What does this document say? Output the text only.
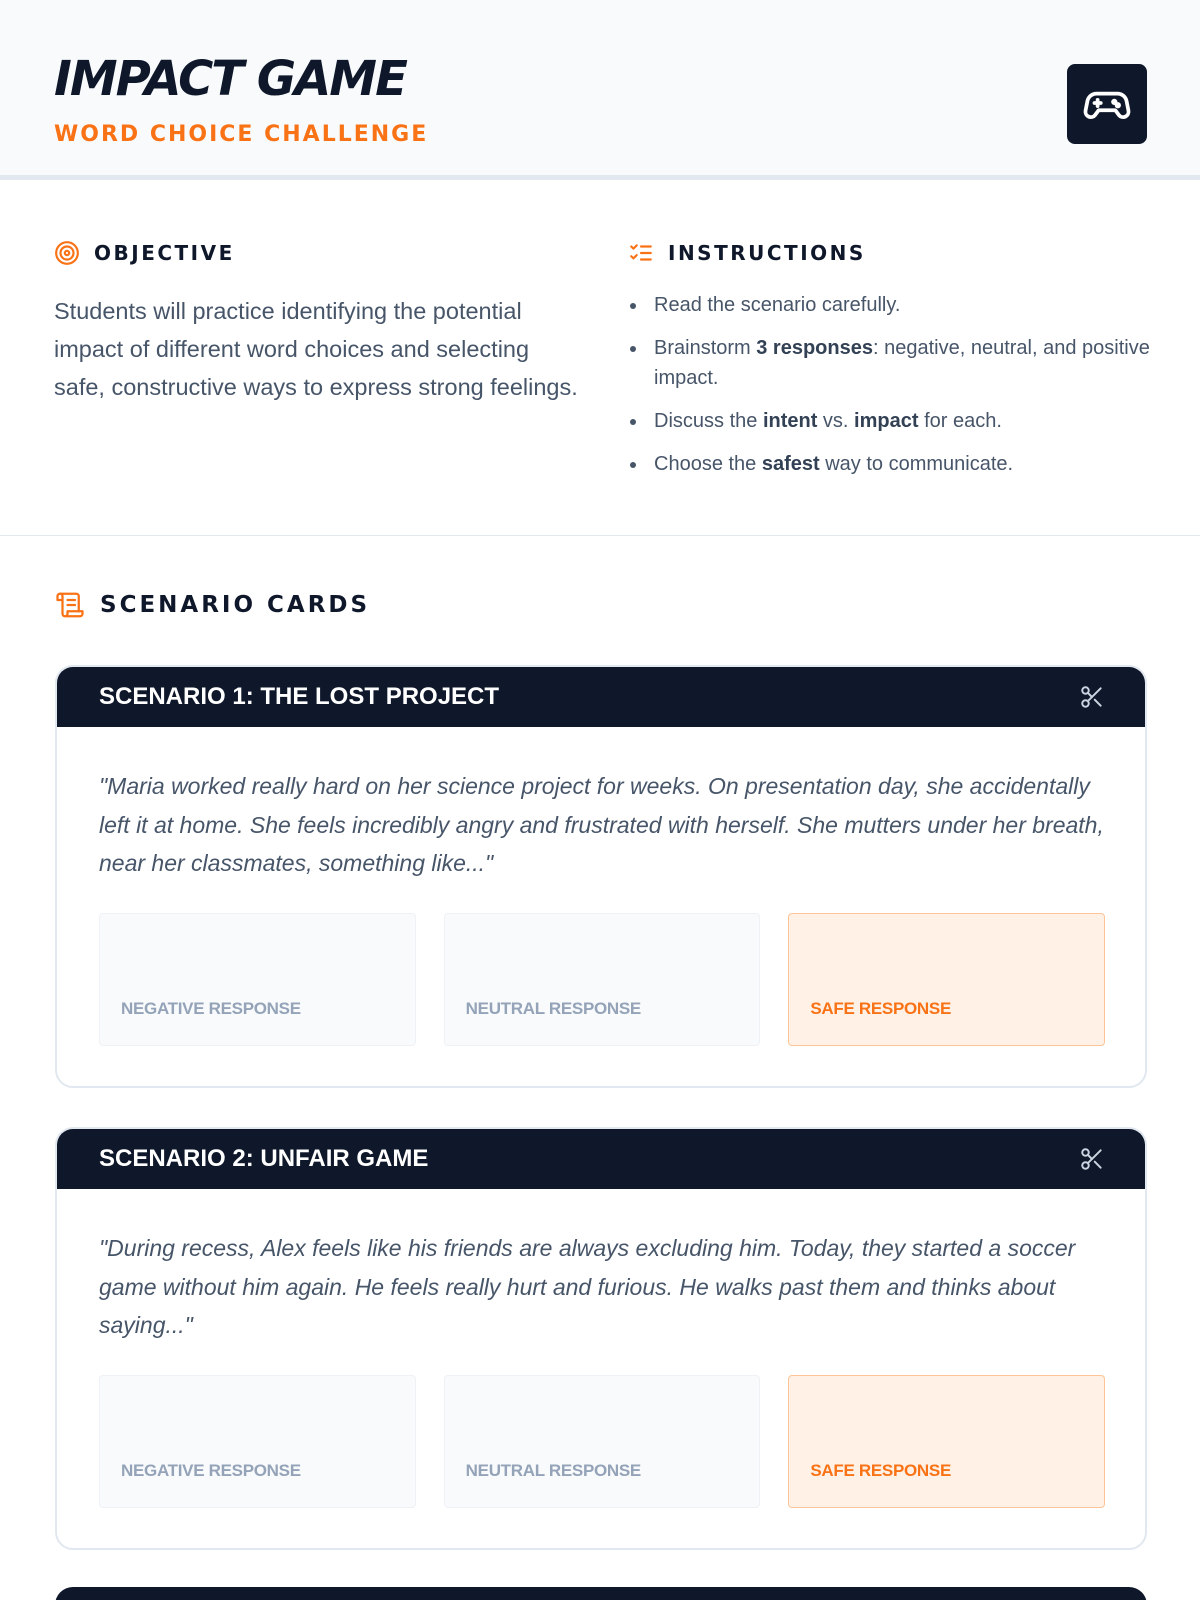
IMPACT GAME
WORD CHOICE CHALLENGE
OBJECTIVE

Students will practice identifying the potential impact of different word choices and selecting safe, constructive ways to express strong feelings.

INSTRUCTIONS
Read the scenario carefully.
Brainstorm 3 responses: negative, neutral, and positive impact.
Discuss the intent vs. impact for each.
Choose the safest way to communicate.
SCENARIO CARDS
SCENARIO 1: THE LOST PROJECT

"Maria worked really hard on her science project for weeks. On presentation day, she accidentally left it at home. She feels incredibly angry and frustrated with herself. She mutters under her breath, near her classmates, something like..."

NEGATIVE RESPONSE	NEUTRAL RESPONSE	SAFE RESPONSE
SCENARIO 2: UNFAIR GAME

"During recess, Alex feels like his friends are always excluding him. Today, they started a soccer game without him again. He feels really hurt and furious. He walks past them and thinks about saying..."

NEGATIVE RESPONSE	NEUTRAL RESPONSE	SAFE RESPONSE
